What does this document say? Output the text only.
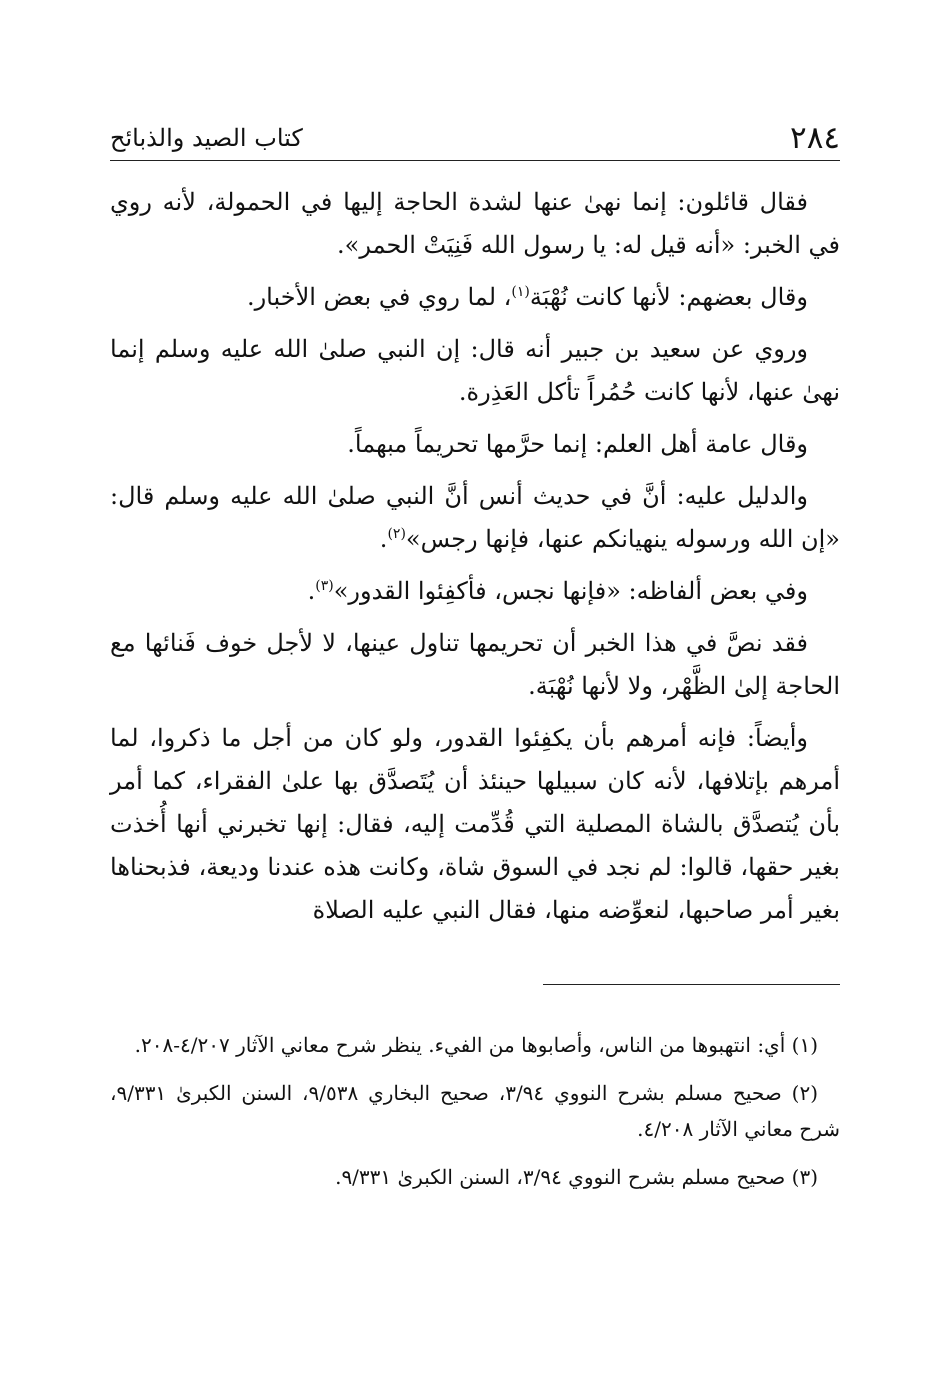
٢٨٤
كتاب الصيد والذبائح

فقال قائلون: إنما نهىٰ عنها لشدة الحاجة إليها في الحمولة، لأنه روي في الخبر: «أنه قيل له: يا رسول الله فَنِيَتْ الحمر».

وقال بعضهم: لأنها كانت نُهْبَة$^{(١)}$، لما روي في بعض الأخبار.

وروي عن سعيد بن جبير أنه قال: إن النبي صلىٰ الله عليه وسلم إنما نهىٰ عنها، لأنها كانت حُمُراً تأكل العَذِرة.

وقال عامة أهل العلم: إنما حرَّمها تحريماً مبهماً.

والدليل عليه: أنَّ في حديث أنس أنَّ النبي صلىٰ الله عليه وسلم قال: «إن الله ورسوله ينهيانكم عنها، فإنها رجس»$^{(٢)}$.

وفي بعض ألفاظه: «فإنها نجس، فأكفِئوا القدور»$^{(٣)}$.

فقد نصَّ في هذا الخبر أن تحريمها تناول عينها، لا لأجل خوف فَنائها مع الحاجة إلىٰ الظَّهْر، ولا لأنها نُهْبَة.

وأيضاً: فإنه أمرهم بأن يكفِئوا القدور، ولو كان من أجل ما ذكروا، لما أمرهم بإتلافها، لأنه كان سبيلها حينئذ أن يُتَصدَّق بها علىٰ الفقراء، كما أمر بأن يُتصدَّق بالشاة المصلية التي قُدِّمت إليه، فقال: إنها تخبرني أنها أُخذت بغير حقها، قالوا: لم نجد في السوق شاة، وكانت هذه عندنا وديعة، فذبحناها بغير أمر صاحبها، لنعوِّضه منها، فقال النبي عليه الصلاة

(١) أي: انتهبوها من الناس، وأصابوها من الفيء. ينظر شرح معاني الآثار ٤/٢٠٧-٢٠٨.

(٢) صحيح مسلم بشرح النووي ٣/٩٤، صحيح البخاري ٩/٥٣٨، السنن الكبرىٰ ٩/٣٣١، شرح معاني الآثار ٤/٢٠٨.

(٣) صحيح مسلم بشرح النووي ٣/٩٤، السنن الكبرىٰ ٩/٣٣١.
